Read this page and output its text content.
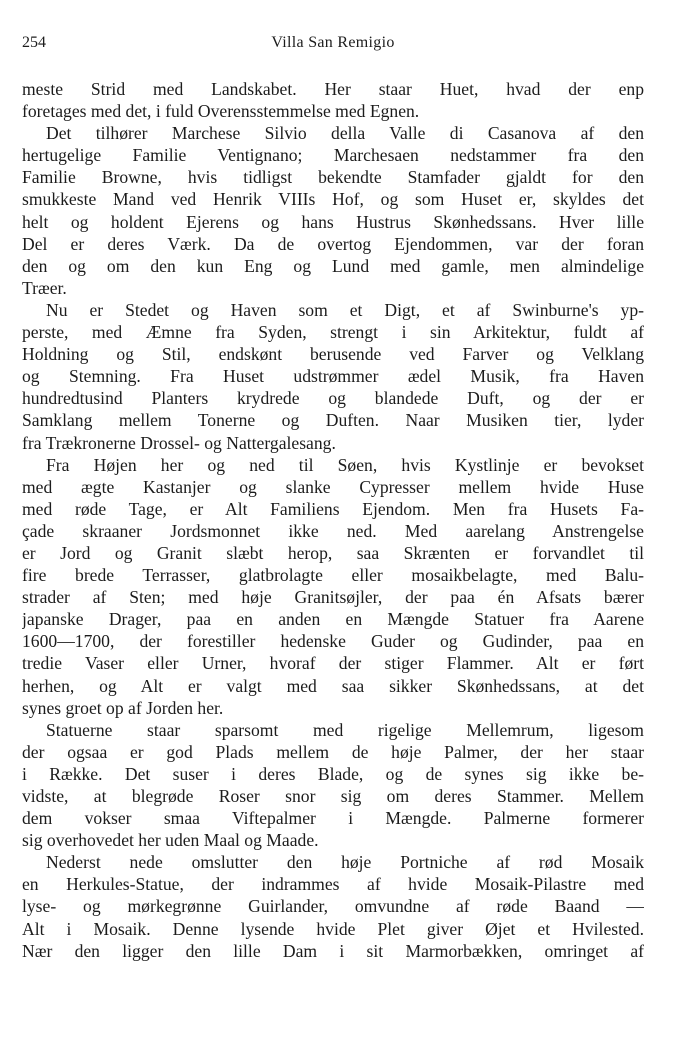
254	Villa San Remigio
meste Strid med Landskabet. Her staar Huet, hvad der enp
foretages med det, i fuld Overensstemmelse med Egnen.
Det tilhører Marchese Silvio della Valle di Casanova af den
hertugelige Familie Ventignano; Marchesaen nedstammer fra den
Familie Browne, hvis tidligst bekendte Stamfader gjaldt for den
smukkeste Mand ved Henrik VIIIs Hof, og som Huset er, skyldes det
helt og holdent Ejerens og hans Hustrus Skønhedssans. Hver lille
Del er deres Værk. Da de overtog Ejendommen, var der foran
den og om den kun Eng og Lund med gamle, men almindelige
Træer.
Nu er Stedet og Haven som et Digt, et af Swinburne's yp-
perste, med Æmne fra Syden, strengt i sin Arkitektur, fuldt af
Holdning og Stil, endskønt berusende ved Farver og Velklang
og Stemning. Fra Huset udstrømmer ædel Musik, fra Haven
hundredtusind Planters krydrede og blandede Duft, og der er
Samklang mellem Tonerne og Duften. Naar Musiken tier, lyder
fra Trækronerne Drossel- og Nattergalesang.
Fra Højen her og ned til Søen, hvis Kystlinje er bevokset
med ægte Kastanjer og slanke Cypresser mellem hvide Huse
med røde Tage, er Alt Familiens Ejendom. Men fra Husets Fa-
çade skraaner Jordsmonnet ikke ned. Med aarelang Anstrengelse
er Jord og Granit slæbt herop, saa Skrænten er forvandlet til
fire brede Terrasser, glatbrolagte eller mosaikbelagte, med Balu-
strader af Sten; med høje Granitsøjler, der paa én Afsats bærer
japanske Drager, paa en anden en Mængde Statuer fra Aarene
1600—1700, der forestiller hedenske Guder og Gudinder, paa en
tredie Vaser eller Urner, hvoraf der stiger Flammer. Alt er ført
herhen, og Alt er valgt med saa sikker Skønhedssans, at det
synes groet op af Jorden her.
Statuerne staar sparsomt med rigelige Mellemrum, ligesom
der ogsaa er god Plads mellem de høje Palmer, der her staar
i Række. Det suser i deres Blade, og de synes sig ikke be-
vidste, at blegrøde Roser snor sig om deres Stammer. Mellem
dem vokser smaa Viftepalmer i Mængde. Palmerne formerer
sig overhovedet her uden Maal og Maade.
Nederst nede omslutter den høje Portniche af rød Mosaik
en Herkules-Statue, der indrammes af hvide Mosaik-Pilastre med
lyse- og mørkegrønne Guirlander, omvundne af røde Baand —
Alt i Mosaik. Denne lysende hvide Plet giver Øjet et Hvilested.
Nær den ligger den lille Dam i sit Marmorbækken, omringet af
